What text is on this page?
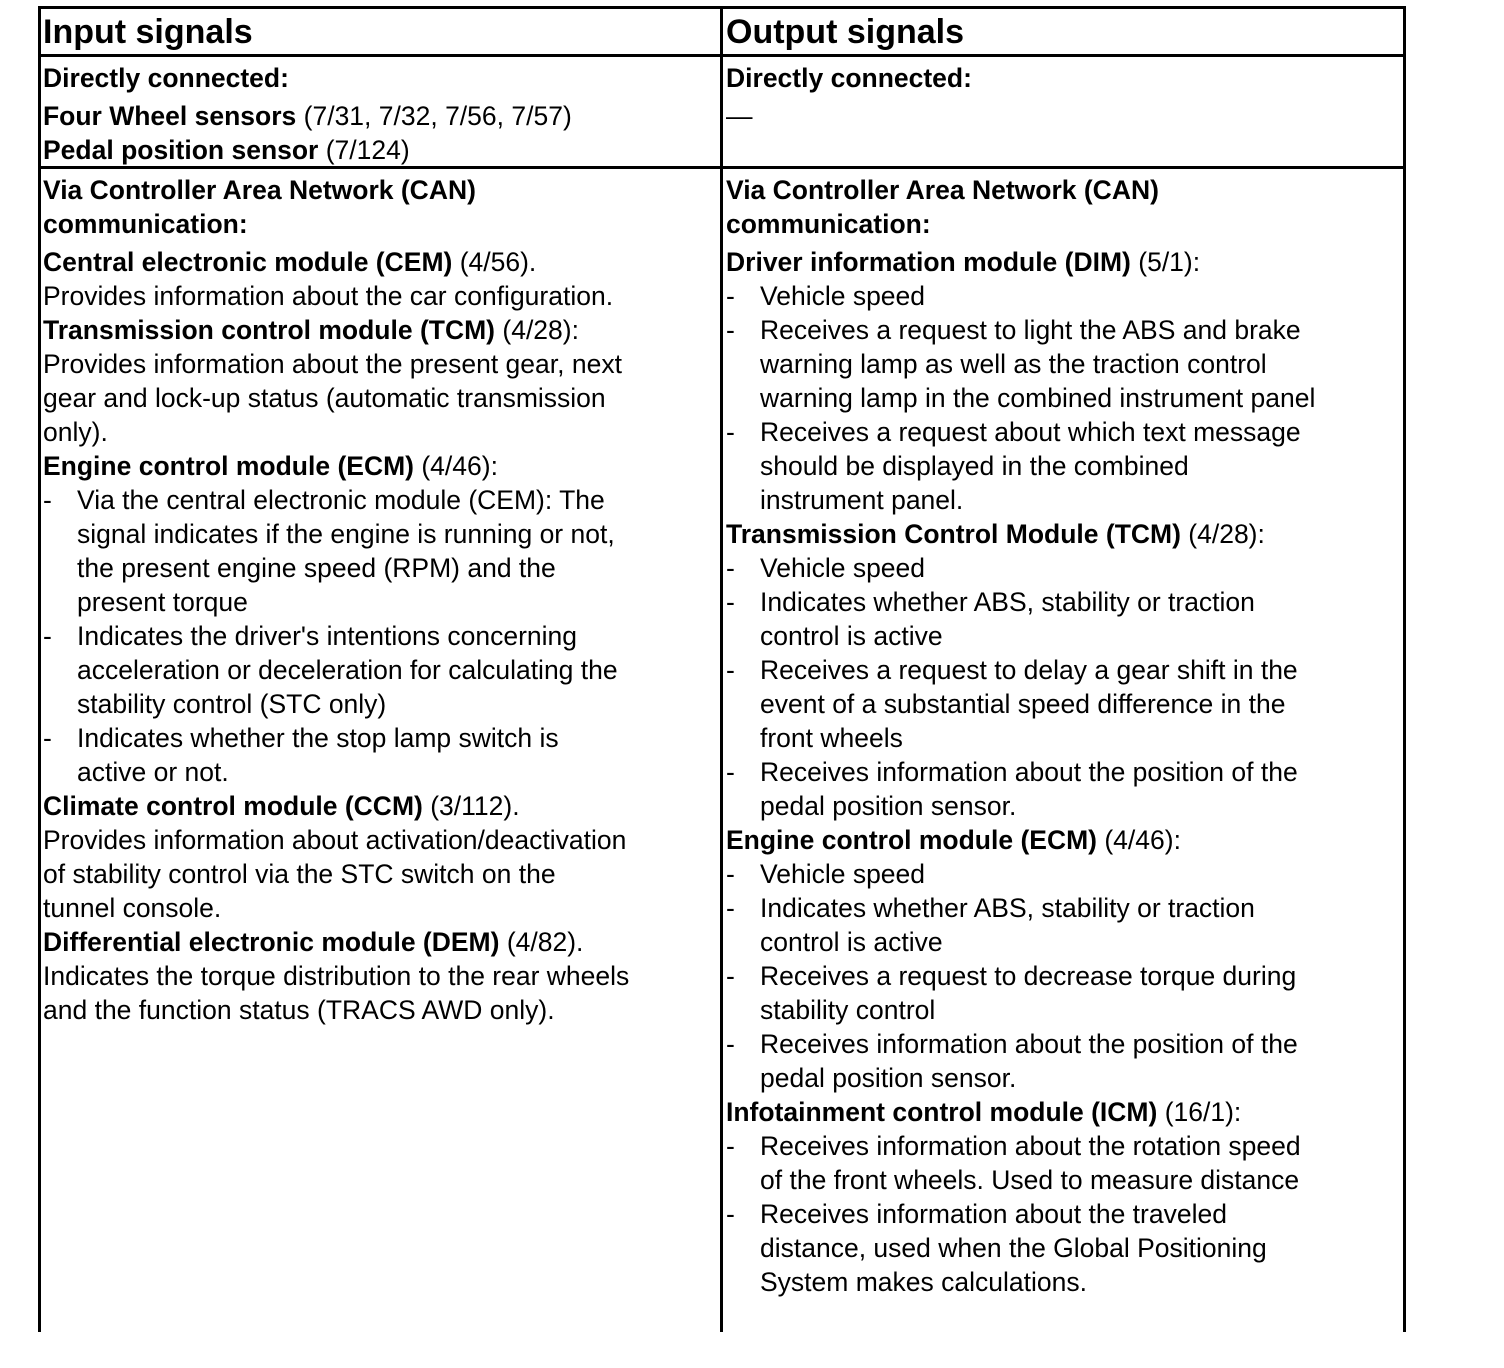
Input signals	Output signals
Directly connected:
Four Wheel sensors (7/31, 7/32, 7/56, 7/57)
Pedal position sensor (7/124)
Directly connected:
—
Via Controller Area Network (CAN)
communication:
Central electronic module (CEM) (4/56).
Provides information about the car configuration.
Transmission control module (TCM) (4/28):
Provides information about the present gear, next
gear and lock-up status (automatic transmission
only).
Engine control module (ECM) (4/46):
- Via the central electronic module (CEM): The
signal indicates if the engine is running or not,
the present engine speed (RPM) and the
present torque
- Indicates the driver's intentions concerning
acceleration or deceleration for calculating the
stability control (STC only)
- Indicates whether the stop lamp switch is
active or not.
Climate control module (CCM) (3/112).
Provides information about activation/deactivation
of stability control via the STC switch on the
tunnel console.
Differential electronic module (DEM) (4/82).
Indicates the torque distribution to the rear wheels
and the function status (TRACS AWD only).
Via Controller Area Network (CAN)
communication:
Driver information module (DIM) (5/1):
- Vehicle speed
- Receives a request to light the ABS and brake
warning lamp as well as the traction control
warning lamp in the combined instrument panel
- Receives a request about which text message
should be displayed in the combined
instrument panel.
Transmission Control Module (TCM) (4/28):
- Vehicle speed
- Indicates whether ABS, stability or traction
control is active
- Receives a request to delay a gear shift in the
event of a substantial speed difference in the
front wheels
- Receives information about the position of the
pedal position sensor.
Engine control module (ECM) (4/46):
- Vehicle speed
- Indicates whether ABS, stability or traction
control is active
- Receives a request to decrease torque during
stability control
- Receives information about the position of the
pedal position sensor.
Infotainment control module (ICM) (16/1):
- Receives information about the rotation speed
of the front wheels. Used to measure distance
- Receives information about the traveled
distance, used when the Global Positioning
System makes calculations.
